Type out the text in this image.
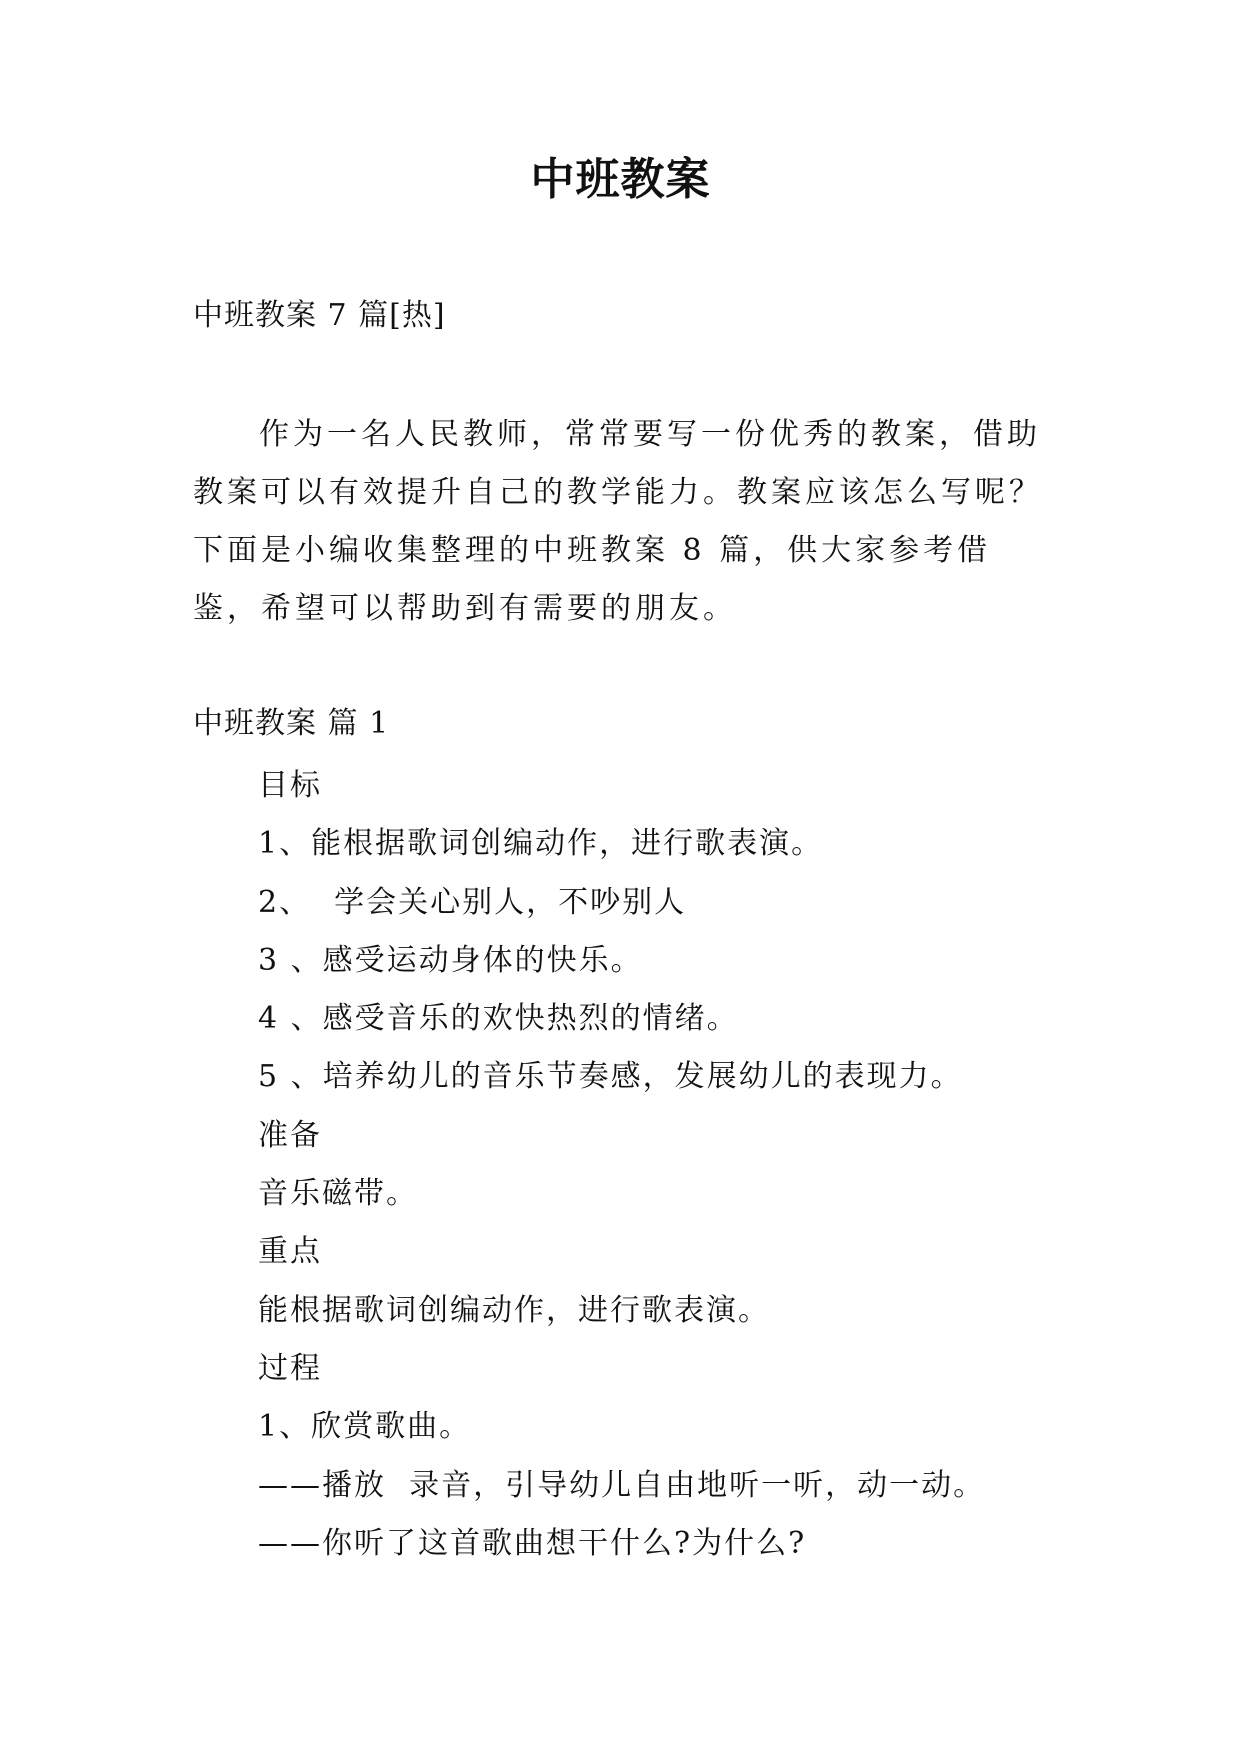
中班教案
中班教案 7 篇[热]
作为一名人民教师，常常要写一份优秀的教案，借助教案可以有效提升自己的教学能力。教案应该怎么写呢？下面是小编收集整理的中班教案 8 篇，供大家参考借鉴，希望可以帮助到有需要的朋友。
中班教案 篇 1
目标
1、能根据歌词创编动作，进行歌表演。
2、  学会关心别人，不吵别人
3 、感受运动身体的快乐。
4 、感受音乐的欢快热烈的情绪。
5 、培养幼儿的音乐节奏感，发展幼儿的表现力。
准备
音乐磁带。
重点
能根据歌词创编动作，进行歌表演。
过程
1、欣赏歌曲。
——播放  录音，引导幼儿自由地听一听，动一动。
——你听了这首歌曲想干什么?为什么?
